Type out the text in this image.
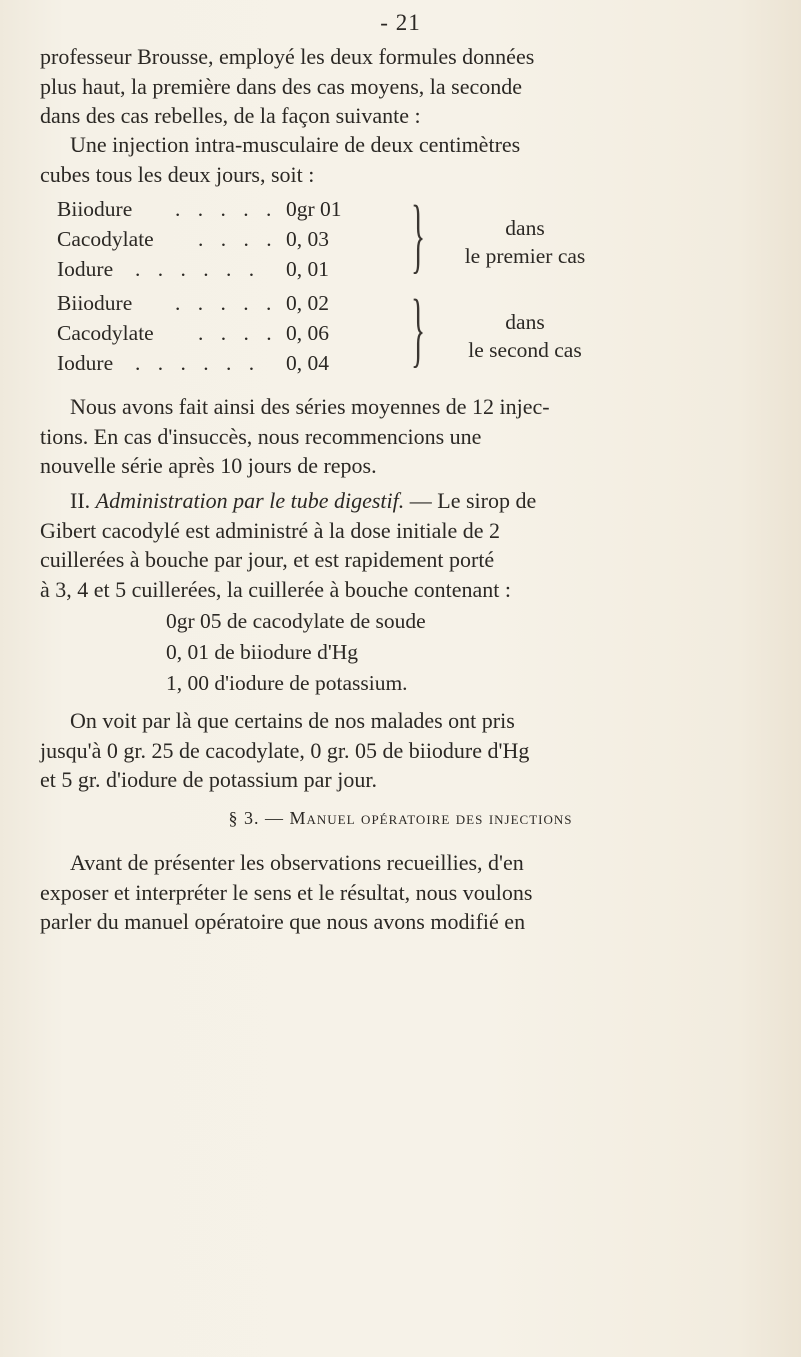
- 21

professeur Brousse, employé les deux formules données

plus haut, la première dans des cas moyens, la seconde

dans des cas rebelles, de la façon suivante :

Une injection intra-musculaire de deux centimètres

cubes tous les deux jours, soit :

Biiodure	. . . . . 0gr 01
Cacodylate	. . . . 0, 03
Iodure	. . . . . . 0, 01 }	dans
le premier cas
Biiodure	. . . . . 0, 02
Cacodylate	. . . . 0, 06
Iodure	. . . . . . 0, 04 }	dans
le second cas

Nous avons fait ainsi des séries moyennes de 12 injec-

tions. En cas d'insuccès, nous recommencions une

nouvelle série après 10 jours de repos.

II. Administration par le tube digestif. — Le sirop de

Gibert cacodylé est administré à la dose initiale de 2

cuillerées à bouche par jour, et est rapidement porté

à 3, 4 et 5 cuillerées, la cuillerée à bouche contenant :

0gr 05 de cacodylate de soude
0, 01 de biiodure d'Hg
1, 00 d'iodure de potassium.

On voit par là que certains de nos malades ont pris

jusqu'à 0 gr. 25 de cacodylate, 0 gr. 05 de biiodure d'Hg

et 5 gr. d'iodure de potassium par jour.

§ 3. — Manuel opératoire des injections

Avant de présenter les observations recueillies, d'en

exposer et interpréter le sens et le résultat, nous voulons

parler du manuel opératoire que nous avons modifié en
